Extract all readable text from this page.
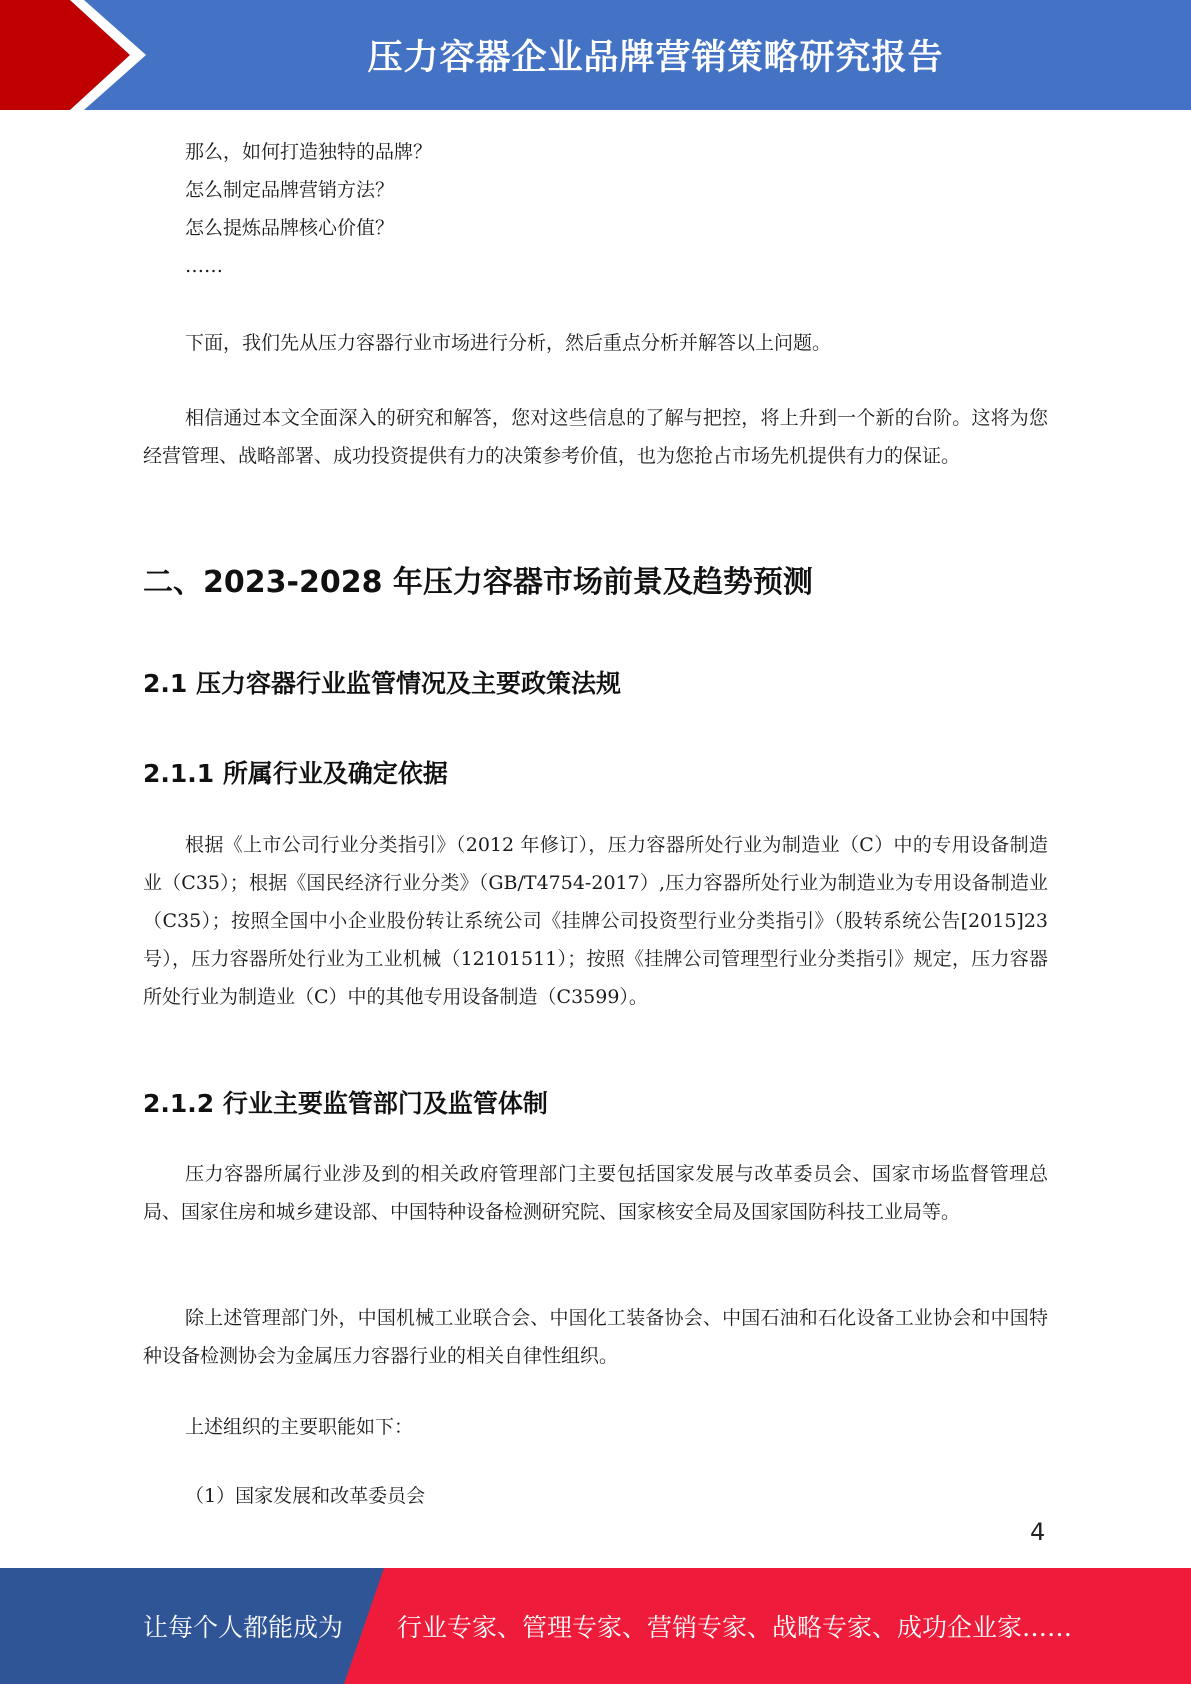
压力容器企业品牌营销策略研究报告
那么，如何打造独特的品牌？
怎么制定品牌营销方法？
怎么提炼品牌核心价值？
……

下面，我们先从压力容器行业市场进行分析，然后重点分析并解答以上问题。

相信通过本文全面深入的研究和解答，您对这些信息的了解与把控，将上升到一个新的台阶。这将为您经营管理、战略部署、成功投资提供有力的决策参考价值，也为您抢占市场先机提供有力的保证。

二、2023-2028 年压力容器市场前景及趋势预测
2.1 压力容器行业监管情况及主要政策法规
2.1.1 所属行业及确定依据

根据《上市公司行业分类指引》（2012 年修订），压力容器所处行业为制造业（C）中的专用设备制造业（C35）；根据《国民经济行业分类》（GB/T4754-2017）,压力容器所处行业为制造业为专用设备制造业（C35）；按照全国中小企业股份转让系统公司《挂牌公司投资型行业分类指引》（股转系统公告[2015]23 号），压力容器所处行业为工业机械（12101511）；按照《挂牌公司管理型行业分类指引》规定，压力容器所处行业为制造业（C）中的其他专用设备制造（C3599）。

2.1.2 行业主要监管部门及监管体制

压力容器所属行业涉及到的相关政府管理部门主要包括国家发展与改革委员会、国家市场监督管理总局、国家住房和城乡建设部、中国特种设备检测研究院、国家核安全局及国家国防科技工业局等。

除上述管理部门外，中国机械工业联合会、中国化工装备协会、中国石油和石化设备工业协会和中国特种设备检测协会为金属压力容器行业的相关自律性组织。

上述组织的主要职能如下：

（1）国家发展和改革委员会
4
让每个人都能成为 行业专家、管理专家、营销专家、战略专家、成功企业家……
